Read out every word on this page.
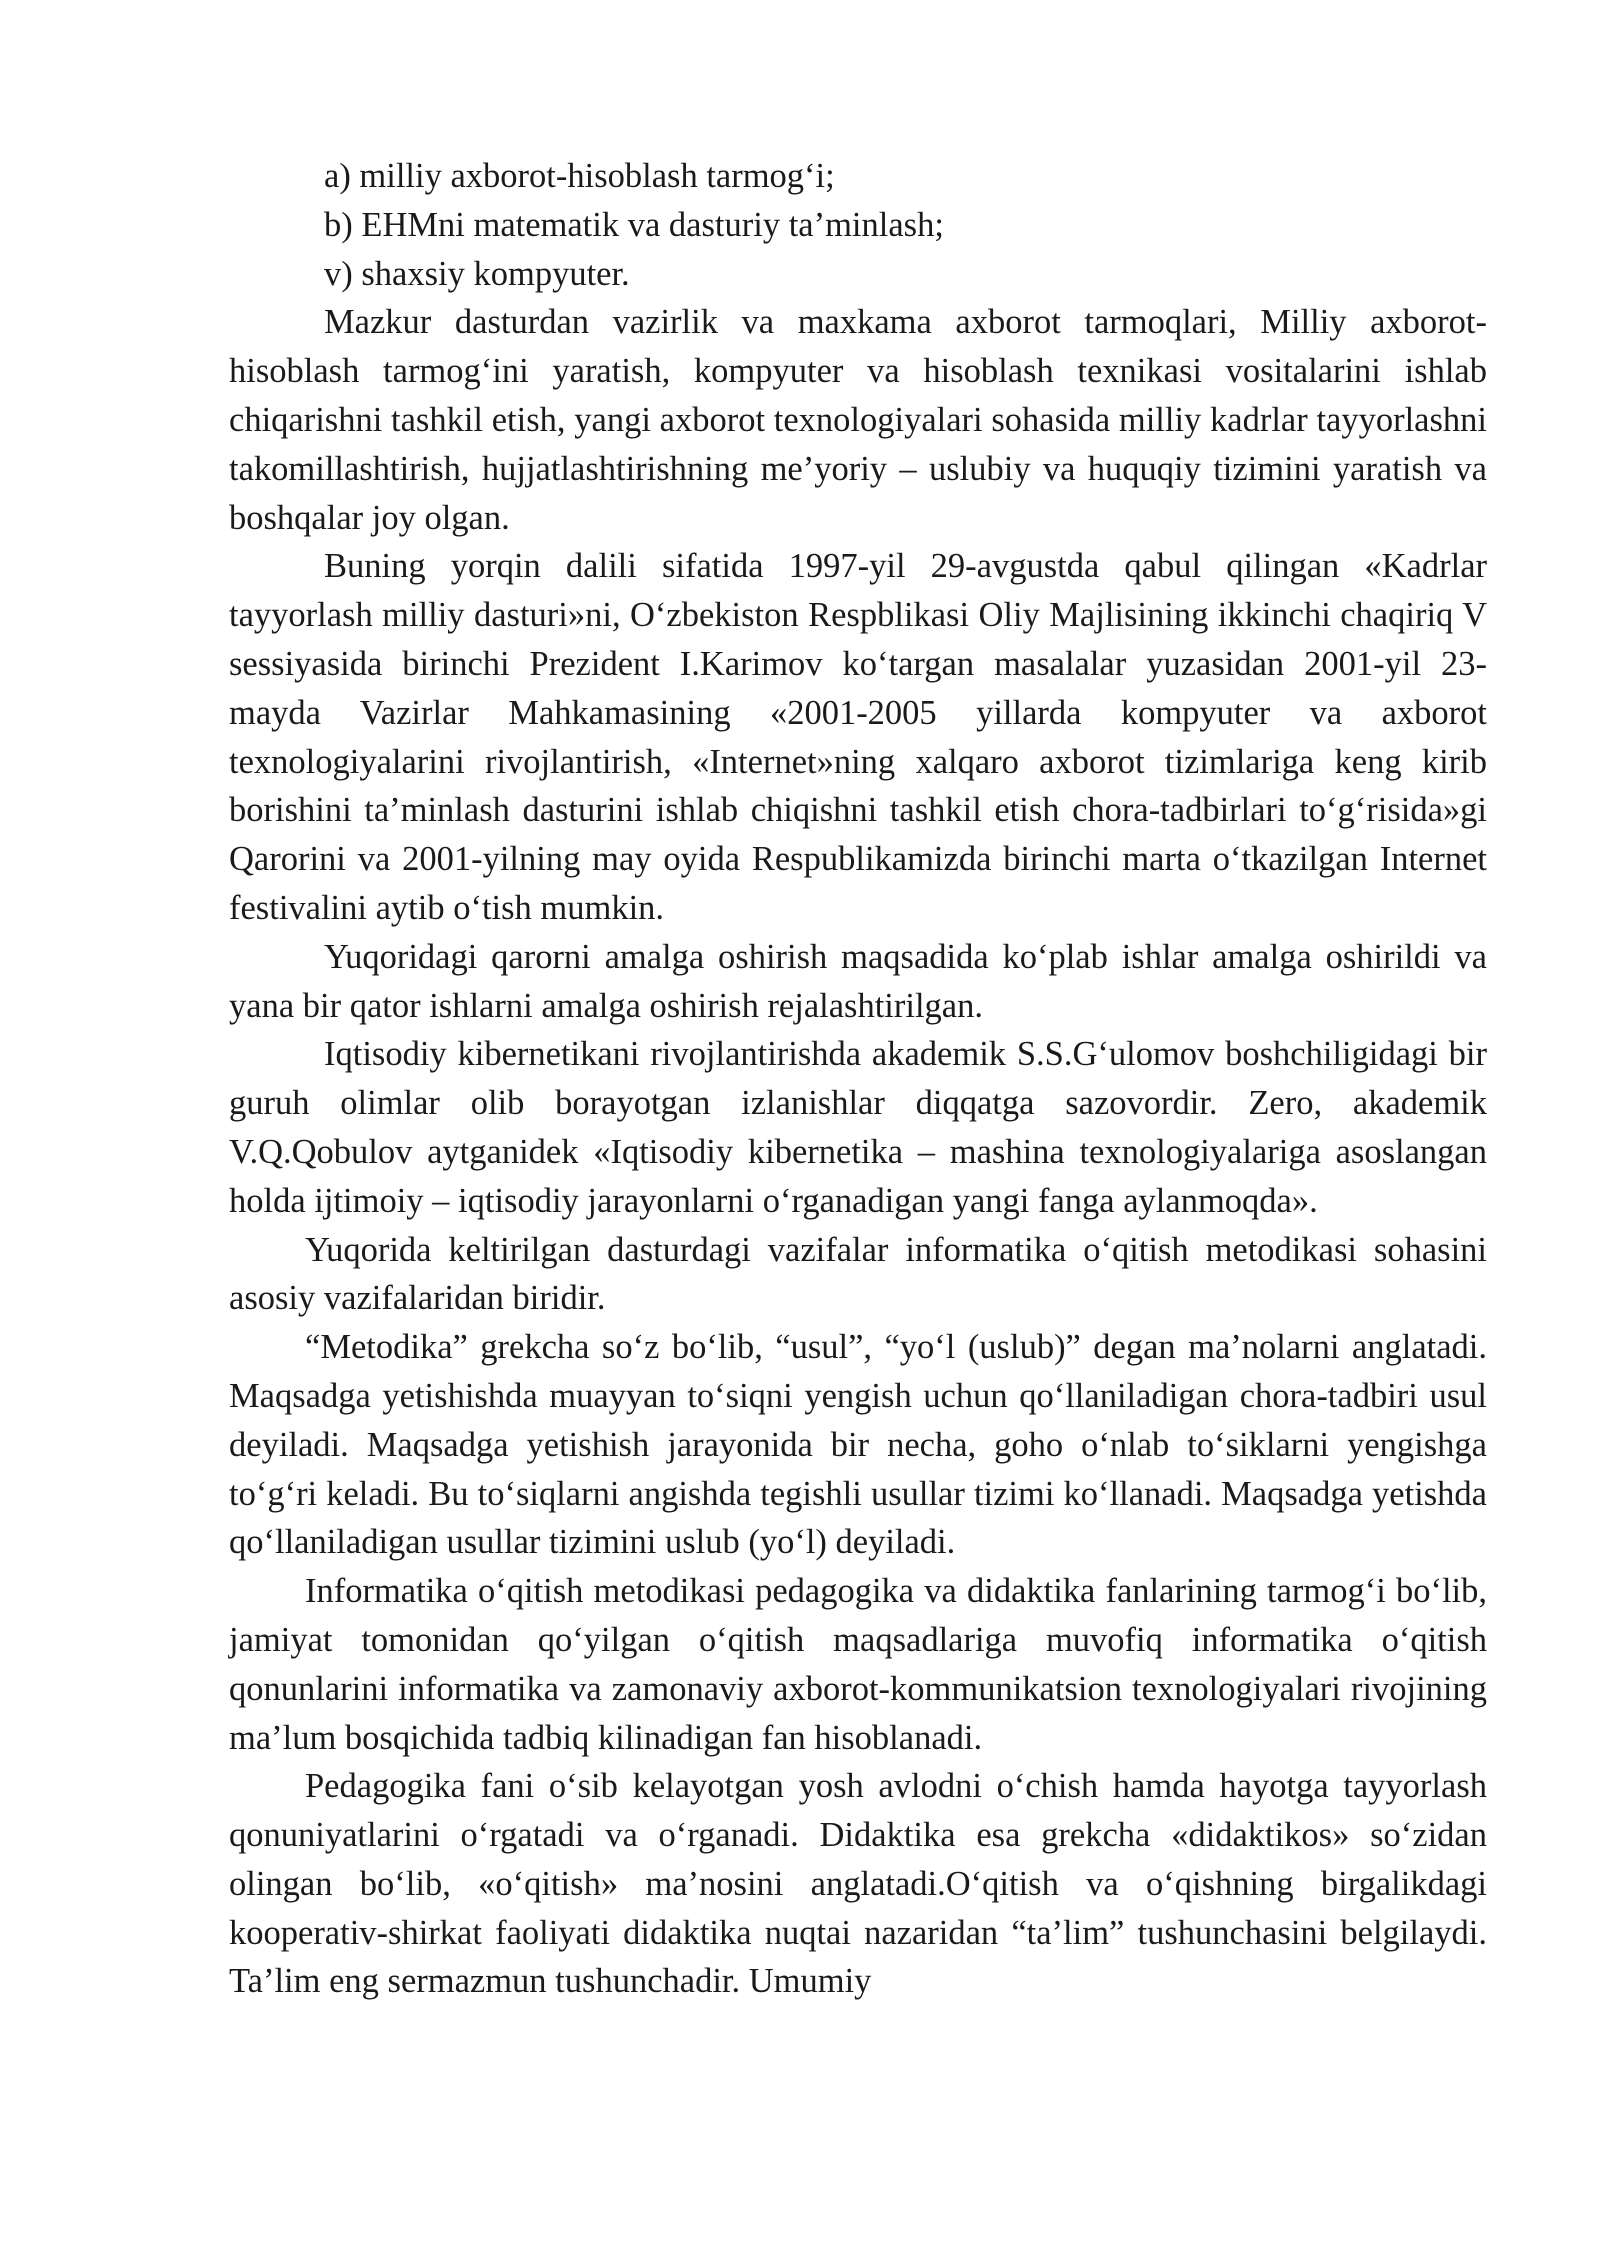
a) milliy axborot-hisoblash tarmog‘i;

b) EHMni matematik va dasturiy ta’minlash;

v) shaxsiy kompyuter.

Mazkur dasturdan vazirlik va maxkama axborot tarmoqlari, Milliy axborot-hisoblash tarmog‘ini yaratish, kompyuter va hisoblash texnikasi vositalarini ishlab chiqarishni tashkil etish, yangi axborot texnologiyalari sohasida milliy kadrlar tayyorlashni takomillashtirish, hujjatlashtirishning me’yoriy – uslubiy va huquqiy tizimini yaratish va boshqalar joy olgan.

Buning yorqin dalili sifatida 1997-yil 29-avgustda qabul qilingan «Kadrlar tayyorlash milliy dasturi»ni, O‘zbekiston Respblikasi Oliy Majlisining ikkinchi chaqiriq V sessiyasida birinchi Prezident I.Karimov ko‘targan masalalar yuzasidan 2001-yil 23- mayda Vazirlar Mahkamasining «2001-2005 yillarda kompyuter va axborot texnologiyalarini rivojlantirish, «Internet»ning xalqaro axborot tizimlariga keng kirib borishini ta’minlash dasturini ishlab chiqishni tashkil etish chora-tadbirlari to‘g‘risida»gi Qarorini va 2001-yilning may oyida Respublikamizda birinchi marta o‘tkazilgan Internet festivalini aytib o‘tish mumkin.

Yuqoridagi qarorni amalga oshirish maqsadida ko‘plab ishlar amalga oshirildi va yana bir qator ishlarni amalga oshirish rejalashtirilgan.

Iqtisodiy kibernetikani rivojlantirishda akademik S.S.G‘ulomov boshchiligidagi bir guruh olimlar olib borayotgan izlanishlar diqqatga sazovordir. Zero, akademik V.Q.Qobulov aytganidek «Iqtisodiy kibernetika – mashina texnologiyalariga asoslangan holda ijtimoiy – iqtisodiy jarayonlarni o‘rganadigan yangi fanga aylanmoqda».

Yuqorida keltirilgan dasturdagi vazifalar informatika o‘qitish metodikasi sohasini asosiy vazifalaridan biridir.

“Metodika” grekcha so‘z bo‘lib, “usul”, “yo‘l (uslub)” degan ma’nolarni anglatadi. Maqsadga yetishishda muayyan to‘siqni yengish uchun qo‘llaniladigan chora-tadbiri usul deyiladi. Maqsadga yetishish jarayonida bir necha, goho o‘nlab to‘siklarni yengishga to‘g‘ri keladi. Bu to‘siqlarni angishda tegishli usullar tizimi ko‘llanadi. Maqsadga yetishda qo‘llaniladigan usullar tizimini uslub (yo‘l) deyiladi.

Informatika o‘qitish metodikasi pedagogika va didaktika fanlarining tarmog‘i bo‘lib, jamiyat tomonidan qo‘yilgan o‘qitish maqsadlariga muvofiq informatika o‘qitish qonunlarini informatika va zamonaviy axborot-kommunikatsion texnologiyalari rivojining ma’lum bosqichida tadbiq kilinadigan fan hisoblanadi.

Pedagogika fani o‘sib kelayotgan yosh avlodni o‘chish hamda hayotga tayyorlash qonuniyatlarini o‘rgatadi va o‘rganadi. Didaktika esa grekcha «didaktikos» so‘zidan olingan bo‘lib, «o‘qitish» ma’nosini anglatadi.O‘qitish va o‘qishning birgalikdagi kooperativ-shirkat faoliyati didaktika nuqtai nazaridan “ta’lim” tushunchasini belgilaydi. Ta’lim eng sermazmun tushunchadir. Umumiy
